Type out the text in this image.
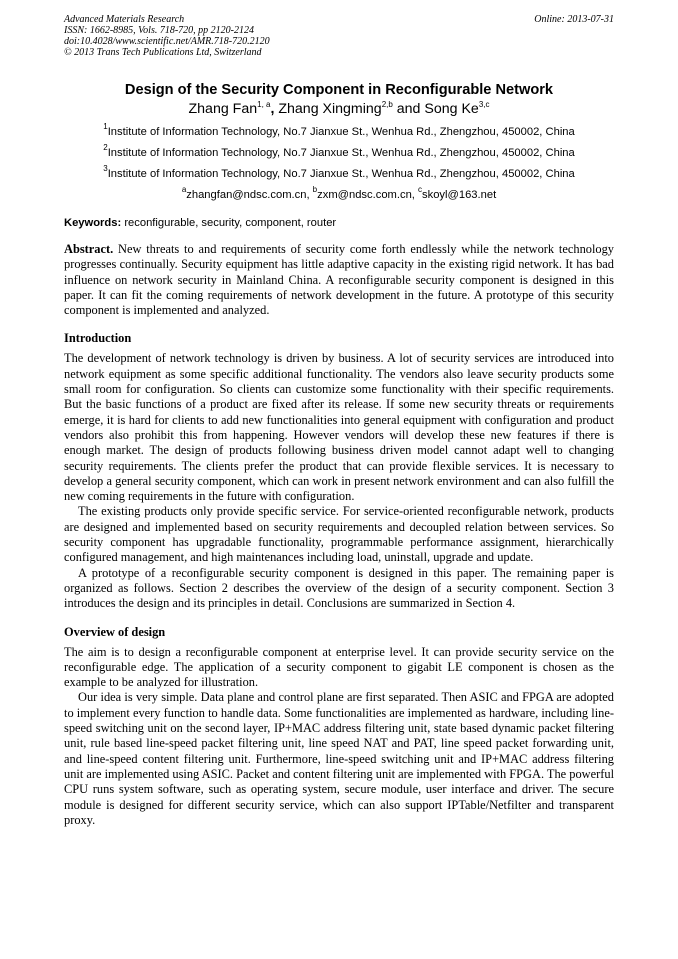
Advanced Materials Research
ISSN: 1662-8985, Vols. 718-720, pp 2120-2124
doi:10.4028/www.scientific.net/AMR.718-720.2120
© 2013 Trans Tech Publications Ltd, Switzerland
Online: 2013-07-31
Design of the Security Component in Reconfigurable Network
Zhang Fan$^{1, a}$, Zhang Xingming$^{2,b}$ and Song Ke$^{3,c}$
$^1$Institute of Information Technology, No.7 Jianxue St., Wenhua Rd., Zhengzhou, 450002, China
$^2$Institute of Information Technology, No.7 Jianxue St., Wenhua Rd., Zhengzhou, 450002, China
$^3$Institute of Information Technology, No.7 Jianxue St., Wenhua Rd., Zhengzhou, 450002, China
$^a$zhangfan@ndsc.com.cn, $^b$zxm@ndsc.com.cn, $^c$skoyl@163.net
Keywords: reconfigurable, security, component, router

Abstract. New threats to and requirements of security come forth endlessly while the network technology progresses continually. Security equipment has little adaptive capacity in the existing rigid network. It has bad influence on network security in Mainland China. A reconfigurable security component is designed in this paper. It can fit the coming requirements of network development in the future. A prototype of this security component is implemented and analyzed.

Introduction

The development of network technology is driven by business. A lot of security services are introduced into network equipment as some specific additional functionality. The vendors also leave security products some small room for configuration. So clients can customize some functionality with their specific requirements. But the basic functions of a product are fixed after its release. If some new security threats or requirements emerge, it is hard for clients to add new functionalities into general equipment with configuration and product vendors also prohibit this from happening. However vendors will develop these new features if there is enough market. The design of products following business driven model cannot adapt well to changing security requirements. The clients prefer the product that can provide flexible services. It is necessary to develop a general security component, which can work in present network environment and can also fulfill the new coming requirements in the future with configuration.

The existing products only provide specific service. For service-oriented reconfigurable network, products are designed and implemented based on security requirements and decoupled relation between services. So security component has upgradable functionality, programmable performance assignment, hierarchically configured management, and high maintenances including load, uninstall, upgrade and update.

A prototype of a reconfigurable security component is designed in this paper. The remaining paper is organized as follows. Section 2 describes the overview of the design of a security component. Section 3 introduces the design and its principles in detail. Conclusions are summarized in Section 4.

Overview of design

The aim is to design a reconfigurable component at enterprise level. It can provide security service on the reconfigurable edge. The application of a security component to gigabit LE component is chosen as the example to be analyzed for illustration.

Our idea is very simple. Data plane and control plane are first separated. Then ASIC and FPGA are adopted to implement every function to handle data. Some functionalities are implemented as hardware, including line-speed switching unit on the second layer, IP+MAC address filtering unit, state based dynamic packet filtering unit, rule based line-speed packet filtering unit, line speed NAT and PAT, line speed packet forwarding unit, and line-speed content filtering unit. Furthermore, line-speed switching unit and IP+MAC address filtering unit are implemented using ASIC. Packet and content filtering unit are implemented with FPGA. The powerful CPU runs system software, such as operating system, secure module, user interface and driver. The secure module is designed for different security service, which can also support IPTable/Netfilter and transparent proxy.
